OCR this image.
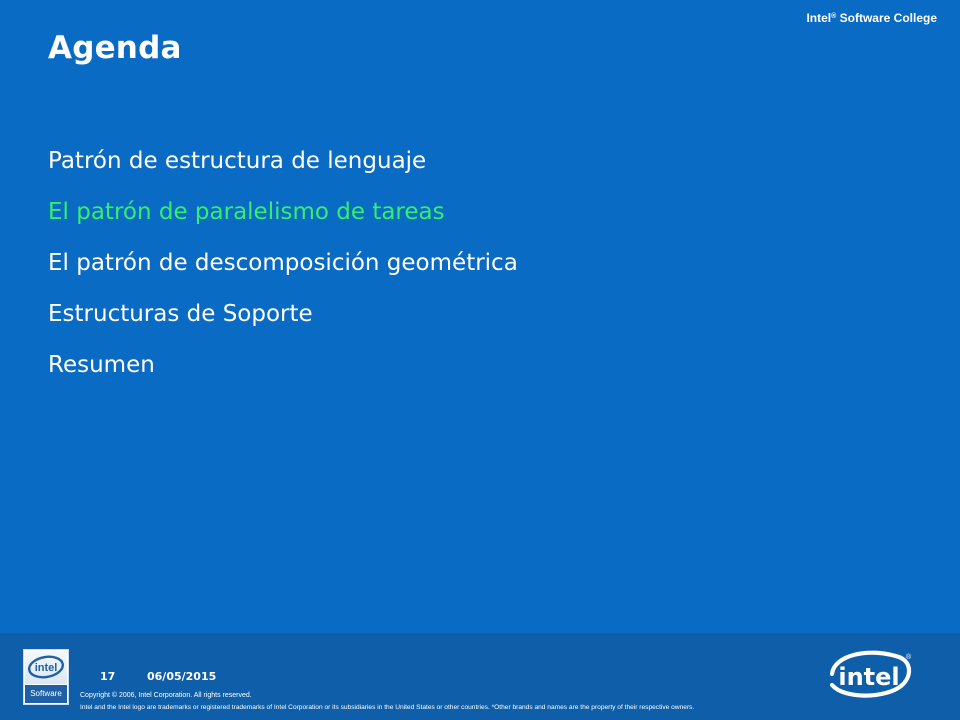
Intel® Software College
Agenda
Patrón de estructura de lenguaje
El patrón de paralelismo de tareas
El patrón de descomposición geométrica
Estructuras de Soporte
Resumen
intel
Software
17	06/05/2015
Copyright © 2006, Intel Corporation. All rights reserved.
Intel and the Intel logo are trademarks or registered trademarks of Intel Corporation or its subsidiaries in the United States or other countries. *Other brands and names are the property of their respective owners.
intel
®
